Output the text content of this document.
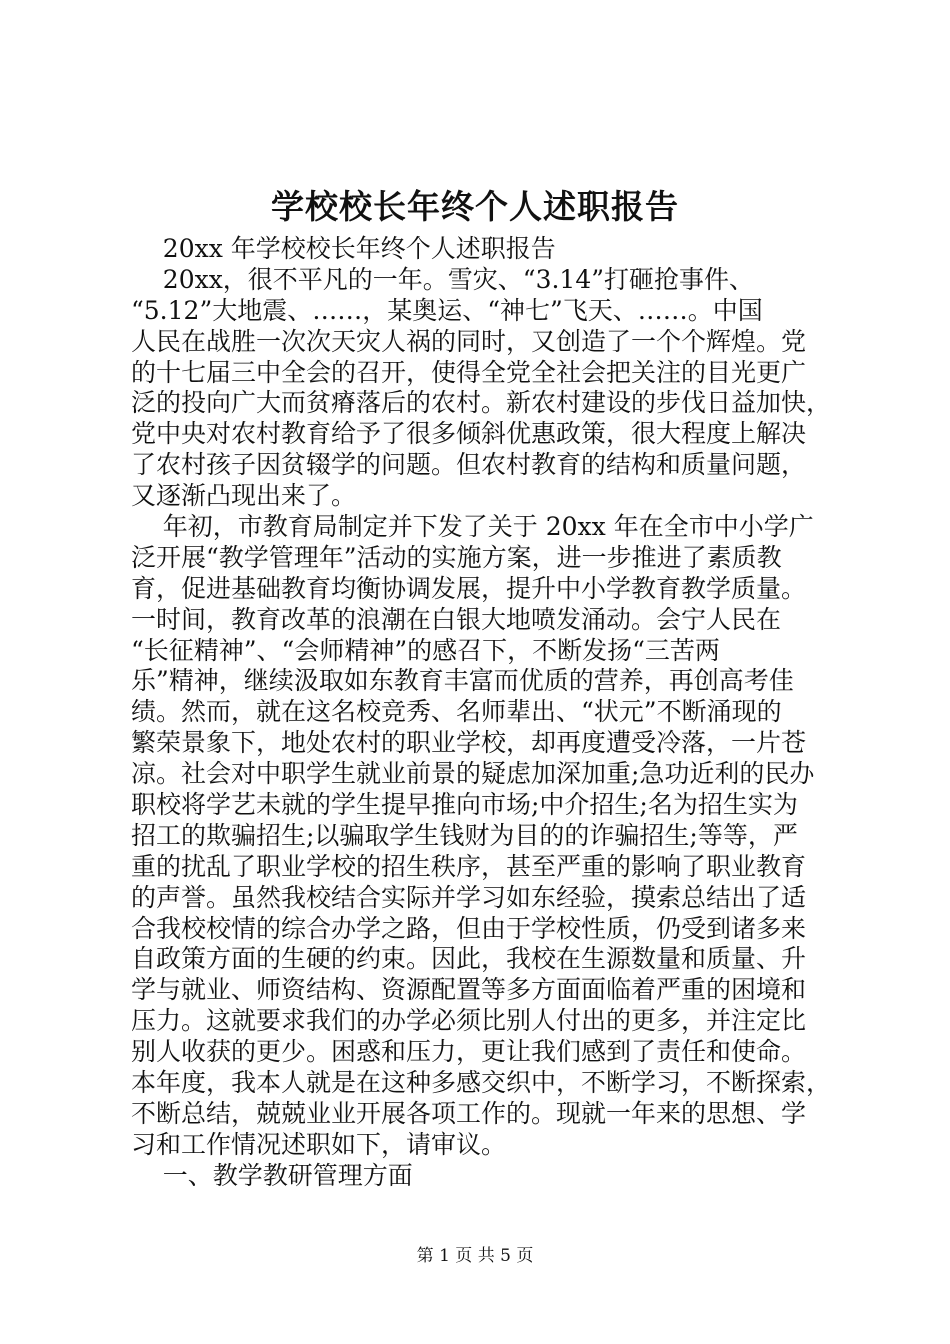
学校校长年终个人述职报告
20xx 年学校校长年终个人述职报告
20xx，很不平凡的一年。雪灾、“3.14”打砸抢事件、
“5.12”大地震、……，某奥运、“神七”飞天、……。中国
人民在战胜一次次天灾人祸的同时，又创造了一个个辉煌。党
的十七届三中全会的召开，使得全党全社会把关注的目光更广
泛的投向广大而贫瘠落后的农村。新农村建设的步伐日益加快，
党中央对农村教育给予了很多倾斜优惠政策，很大程度上解决
了农村孩子因贫辍学的问题。但农村教育的结构和质量问题，
又逐渐凸现出来了。
年初，市教育局制定并下发了关于 20xx 年在全市中小学广
泛开展“教学管理年”活动的实施方案，进一步推进了素质教
育，促进基础教育均衡协调发展，提升中小学教育教学质量。
一时间，教育改革的浪潮在白银大地喷发涌动。会宁人民在
“长征精神”、“会师精神”的感召下，不断发扬“三苦两
乐”精神，继续汲取如东教育丰富而优质的营养，再创高考佳
绩。然而，就在这名校竞秀、名师辈出、“状元”不断涌现的
繁荣景象下，地处农村的职业学校，却再度遭受冷落，一片苍
凉。社会对中职学生就业前景的疑虑加深加重;急功近利的民办
职校将学艺未就的学生提早推向市场;中介招生;名为招生实为
招工的欺骗招生;以骗取学生钱财为目的的诈骗招生;等等，严
重的扰乱了职业学校的招生秩序，甚至严重的影响了职业教育
的声誉。虽然我校结合实际并学习如东经验，摸索总结出了适
合我校校情的综合办学之路，但由于学校性质，仍受到诸多来
自政策方面的生硬的约束。因此，我校在生源数量和质量、升
学与就业、师资结构、资源配置等多方面面临着严重的困境和
压力。这就要求我们的办学必须比别人付出的更多，并注定比
别人收获的更少。困惑和压力，更让我们感到了责任和使命。
本年度，我本人就是在这种多感交织中，不断学习，不断探索，
不断总结，兢兢业业开展各项工作的。现就一年来的思想、学
习和工作情况述职如下，请审议。
一、教学教研管理方面
第 1 页 共 5 页
